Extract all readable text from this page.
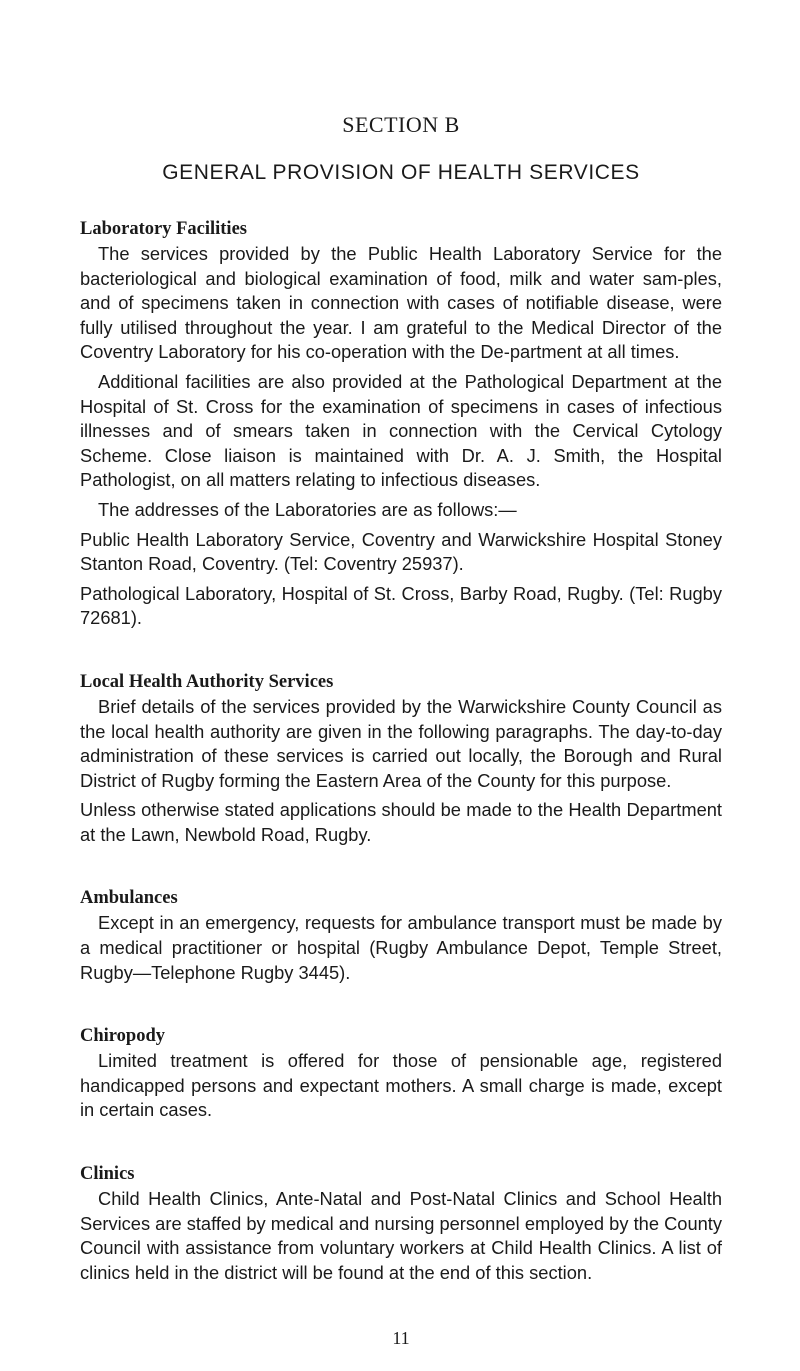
SECTION B
GENERAL PROVISION OF HEALTH SERVICES
Laboratory Facilities

The services provided by the Public Health Laboratory Service for the bacteriological and biological examination of food, milk and water sam-ples, and of specimens taken in connection with cases of notifiable disease, were fully utilised throughout the year. I am grateful to the Medical Director of the Coventry Laboratory for his co-operation with the De-partment at all times.

Additional facilities are also provided at the Pathological Department at the Hospital of St. Cross for the examination of specimens in cases of infectious illnesses and of smears taken in connection with the Cervical Cytology Scheme. Close liaison is maintained with Dr. A. J. Smith, the Hospital Pathologist, on all matters relating to infectious diseases.

The addresses of the Laboratories are as follows:—

Public Health Laboratory Service, Coventry and Warwickshire Hospital Stoney Stanton Road, Coventry. (Tel: Coventry 25937).

Pathological Laboratory, Hospital of St. Cross, Barby Road, Rugby. (Tel: Rugby 72681).

Local Health Authority Services

Brief details of the services provided by the Warwickshire County Council as the local health authority are given in the following paragraphs. The day-to-day administration of these services is carried out locally, the Borough and Rural District of Rugby forming the Eastern Area of the County for this purpose.

Unless otherwise stated applications should be made to the Health Department at the Lawn, Newbold Road, Rugby.

Ambulances

Except in an emergency, requests for ambulance transport must be made by a medical practitioner or hospital (Rugby Ambulance Depot, Temple Street, Rugby—Telephone Rugby 3445).

Chiropody

Limited treatment is offered for those of pensionable age, registered handicapped persons and expectant mothers. A small charge is made, except in certain cases.

Clinics

Child Health Clinics, Ante-Natal and Post-Natal Clinics and School Health Services are staffed by medical and nursing personnel employed by the County Council with assistance from voluntary workers at Child Health Clinics. A list of clinics held in the district will be found at the end of this section.

11
